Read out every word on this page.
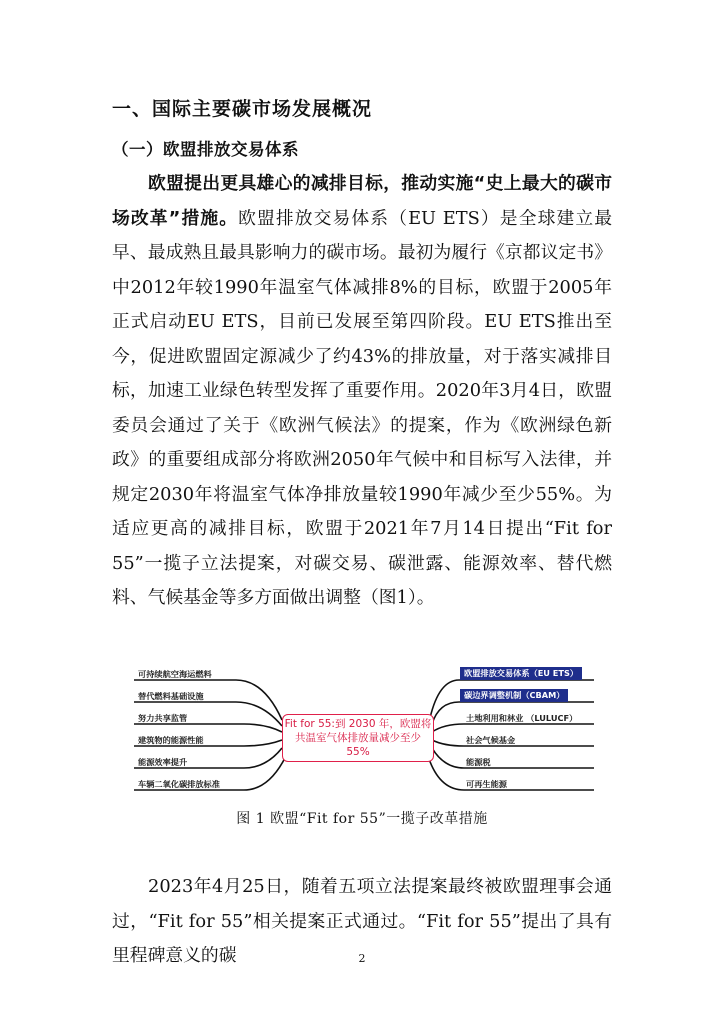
一、国际主要碳市场发展概况
（一）欧盟排放交易体系

欧盟提出更具雄心的减排目标，推动实施“史上最大的碳市场改革”措施。欧盟排放交易体系（EU ETS）是全球建立最早、最成熟且最具影响力的碳市场。最初为履行《京都议定书》中2012年较1990年温室气体减排8%的目标，欧盟于2005年正式启动EU ETS，目前已发展至第四阶段。EU ETS推出至今，促进欧盟固定源减少了约43%的排放量，对于落实减排目标，加速工业绿色转型发挥了重要作用。2020年3月4日，欧盟委员会通过了关于《欧洲气候法》的提案，作为《欧洲绿色新政》的重要组成部分将欧洲2050年气候中和目标写入法律，并规定2030年将温室气体净排放量较1990年减少至少55%。为适应更高的减排目标，欧盟于2021年7月14日提出“Fit for 55”一揽子立法提案，对碳交易、碳泄露、能源效率、替代燃料、气候基金等多方面做出调整（图1）。

可持续航空海运燃料
替代燃料基础设施
努力共享监管
建筑物的能源性能
能源效率提升
车辆二氧化碳排放标准
欧盟排放交易体系（EU ETS）
碳边界调整机制（CBAM）
土地利用和林业 （LULUCF）
社会气候基金
能源税
可再生能源
Fit for 55:到 2030 年，欧盟将共温室气体排放量减少至少 55%
图 1 欧盟“Fit for 55”一揽子改革措施

2023年4月25日，随着五项立法提案最终被欧盟理事会通过，“Fit for 55”相关提案正式通过。“Fit for 55”提出了具有里程碑意义的碳	2
